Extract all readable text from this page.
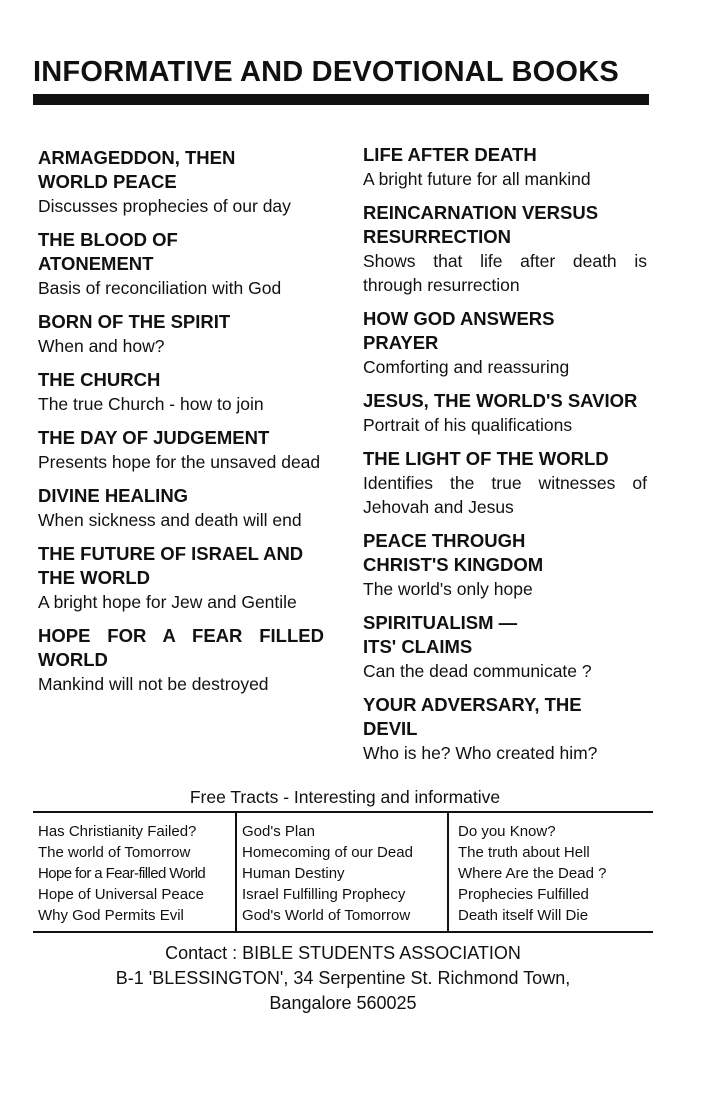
INFORMATIVE AND DEVOTIONAL BOOKS
ARMAGEDDON, THEN WORLD PEACE
Discusses prophecies of our day
THE BLOOD OF ATONEMENT
Basis of reconciliation with God
BORN OF THE SPIRIT
When and how?
THE CHURCH
The true Church - how to join
THE DAY OF JUDGEMENT
Presents hope for the unsaved dead
DIVINE HEALING
When sickness and death will end
THE FUTURE OF ISRAEL AND THE WORLD
A bright hope for Jew and Gentile
HOPE FOR A FEAR FILLED WORLD
Mankind will not be destroyed
LIFE AFTER DEATH
A bright future for all mankind
REINCARNATION VERSUS RESURRECTION
Shows that life after death is through resurrection
HOW GOD ANSWERS PRAYER
Comforting and reassuring
JESUS, THE WORLD'S SAVIOR
Portrait of his qualifications
THE LIGHT OF THE WORLD
Identifies the true witnesses of Jehovah and Jesus
PEACE THROUGH CHRIST'S KINGDOM
The world's only hope
SPIRITUALISM — ITS' CLAIMS
Can the dead communicate ?
YOUR ADVERSARY, THE DEVIL
Who is he? Who created him?
Free Tracts - Interesting and informative
Has Christianity Failed?
The world of Tomorrow
Hope for a Fear-filled World
Hope of Universal Peace
Why God Permits Evil
God's Plan
Homecoming of our Dead
Human Destiny
Israel Fulfilling Prophecy
God's World of Tomorrow
Do you Know?
The truth about Hell
Where Are the Dead ?
Prophecies Fulfilled
Death itself Will Die
Contact : BIBLE STUDENTS ASSOCIATION
B-1 'BLESSINGTON', 34 Serpentine St. Richmond Town,
Bangalore 560025
